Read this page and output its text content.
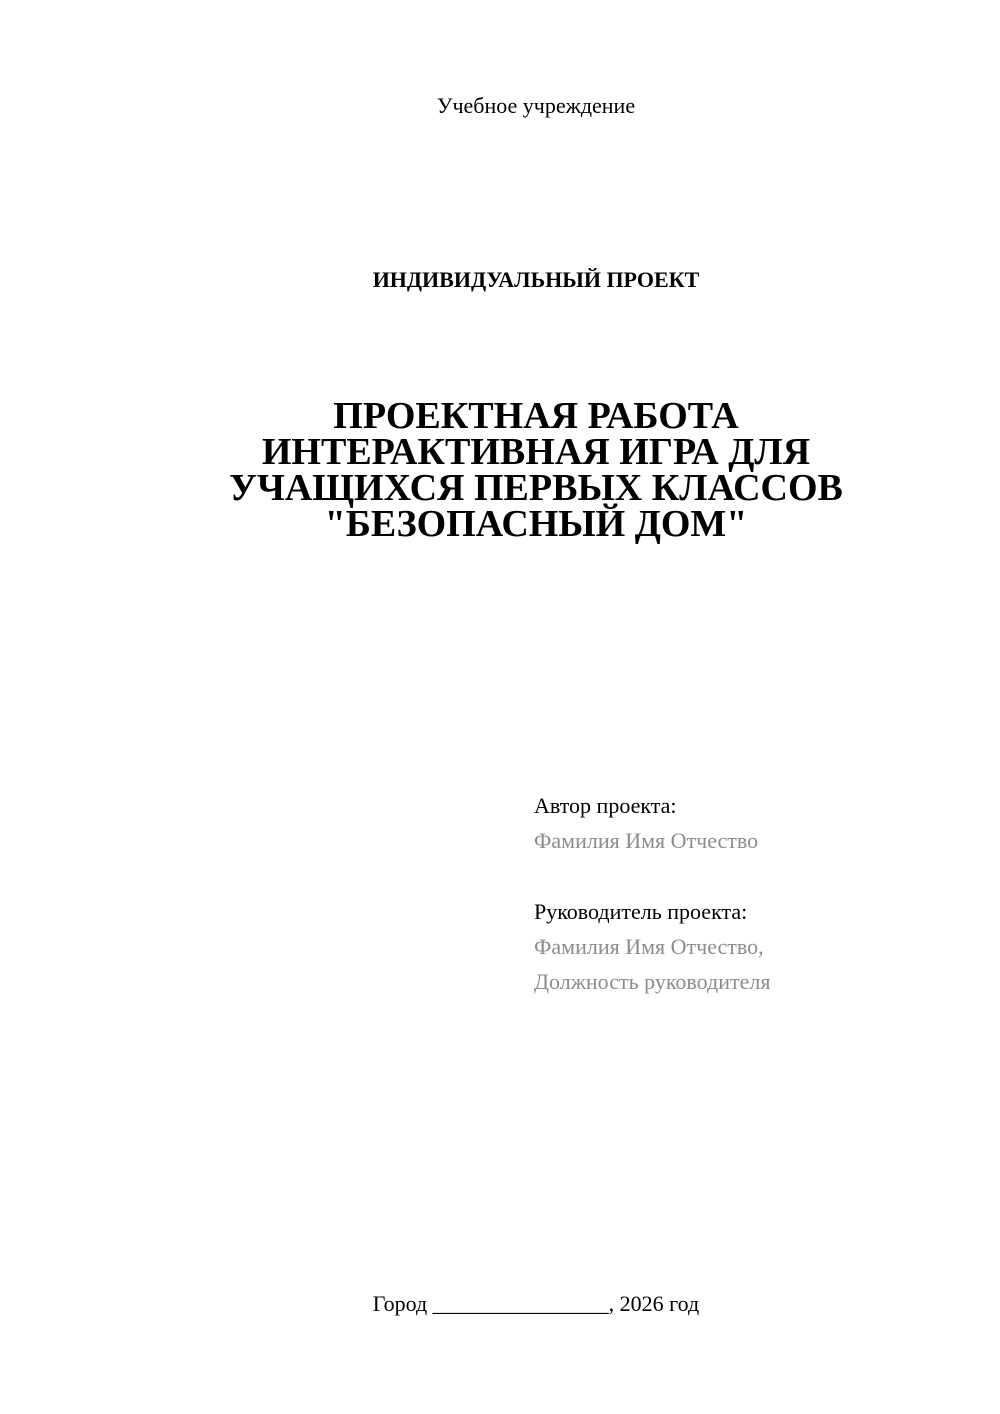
Учебное учреждение
ИНДИВИДУАЛЬНЫЙ ПРОЕКТ
ПРОЕКТНАЯ РАБОТА
ИНТЕРАКТИВНАЯ ИГРА ДЛЯ
УЧАЩИХСЯ ПЕРВЫХ КЛАССОВ
"БЕЗОПАСНЫЙ ДОМ"
Автор проекта:
Фамилия Имя Отчество
Руководитель проекта:
Фамилия Имя Отчество,
Должность руководителя
Город ________________, 2026 год
